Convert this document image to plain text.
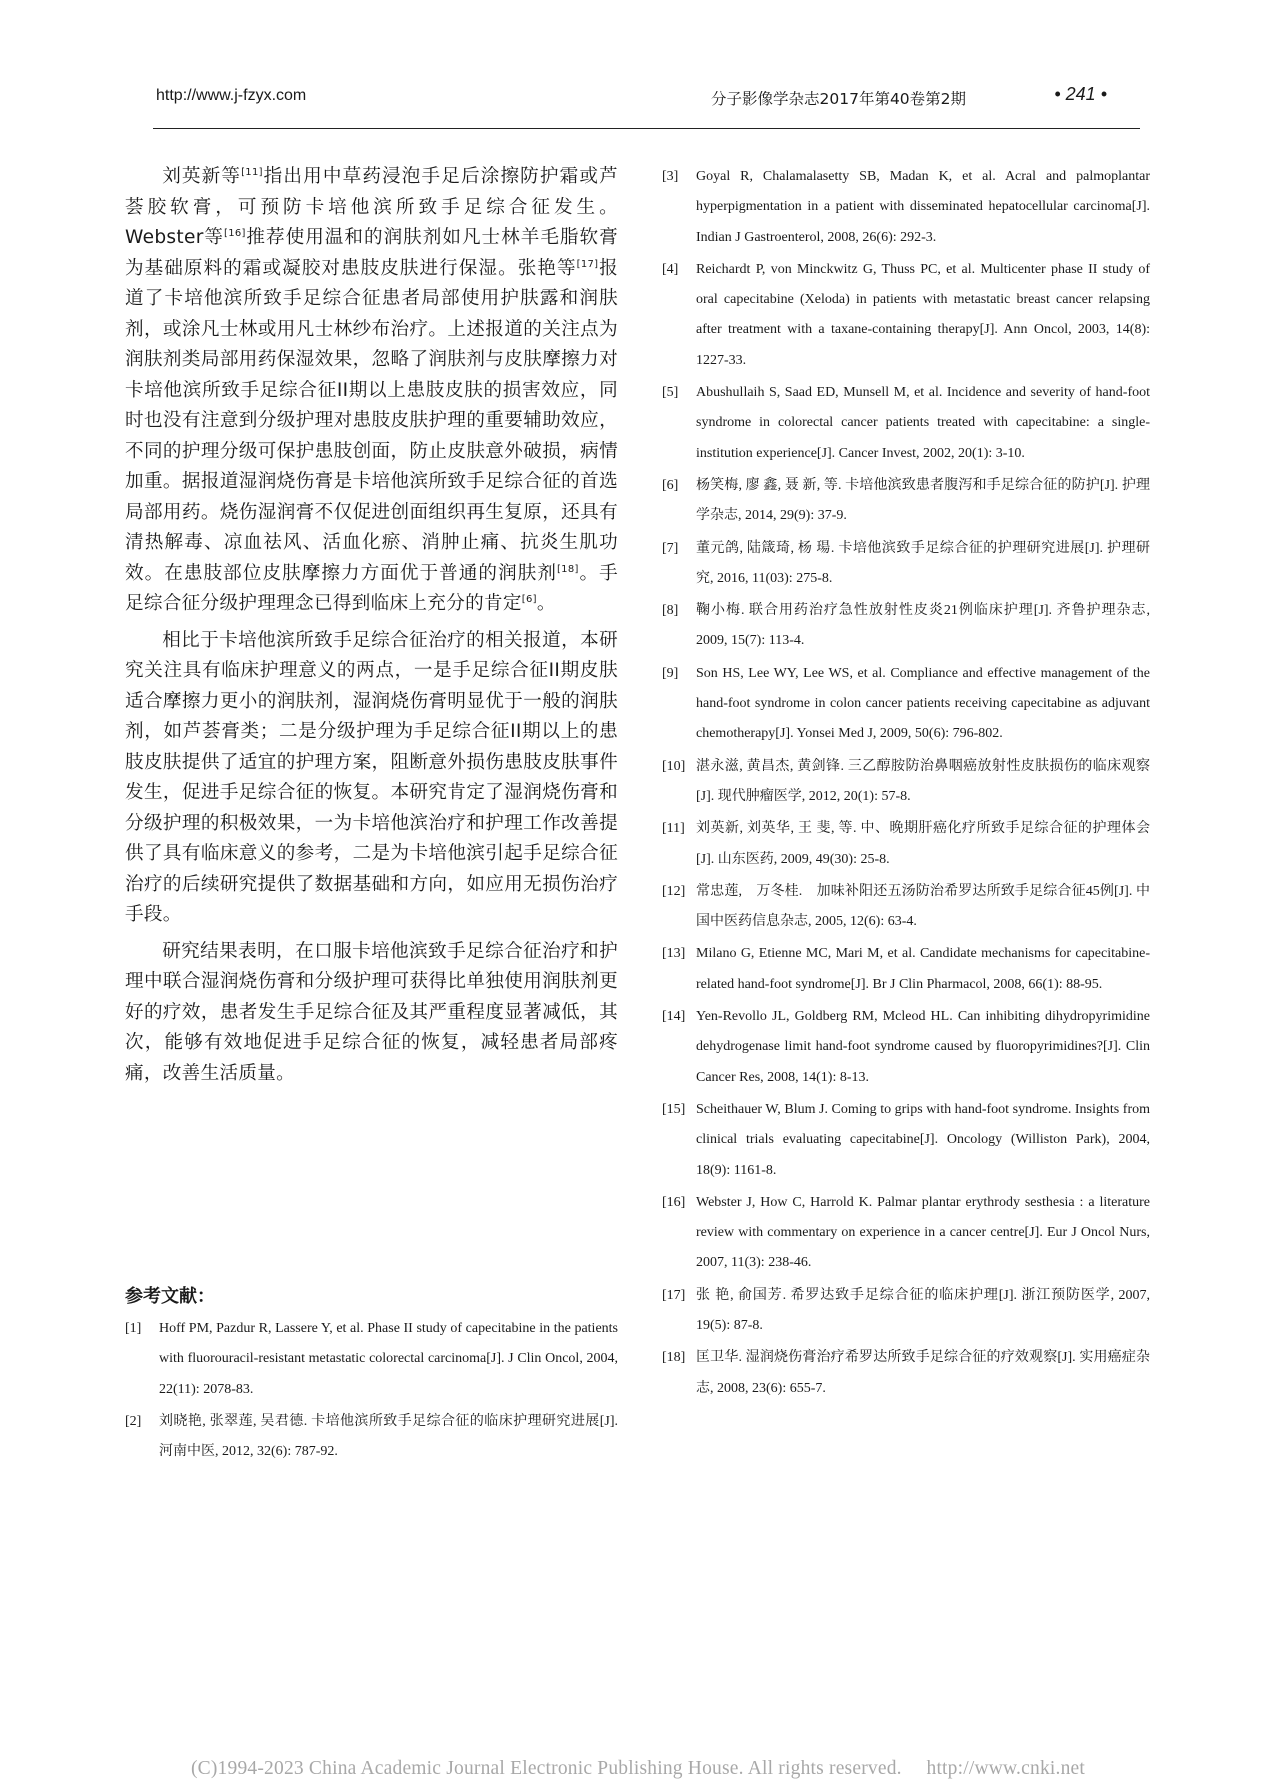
http://www.j-fzyx.com	分子影像学杂志2017年第40卷第2期	• 241 •

刘英新等[11]指出用中草药浸泡手足后涂擦防护霜或芦荟胶软膏，可预防卡培他滨所致手足综合征发生。Webster等[16]推荐使用温和的润肤剂如凡士林羊毛脂软膏为基础原料的霜或凝胶对患肢皮肤进行保湿。张艳等[17]报道了卡培他滨所致手足综合征患者局部使用护肤露和润肤剂，或涂凡士林或用凡士林纱布治疗。上述报道的关注点为润肤剂类局部用药保湿效果，忽略了润肤剂与皮肤摩擦力对卡培他滨所致手足综合征II期以上患肢皮肤的损害效应，同时也没有注意到分级护理对患肢皮肤护理的重要辅助效应，不同的护理分级可保护患肢创面，防止皮肤意外破损，病情加重。据报道湿润烧伤膏是卡培他滨所致手足综合征的首选局部用药。烧伤湿润膏不仅促进创面组织再生复原，还具有清热解毒、凉血祛风、活血化瘀、消肿止痛、抗炎生肌功效。在患肢部位皮肤摩擦力方面优于普通的润肤剂[18]。手足综合征分级护理理念已得到临床上充分的肯定[6]。

相比于卡培他滨所致手足综合征治疗的相关报道，本研究关注具有临床护理意义的两点，一是手足综合征II期皮肤适合摩擦力更小的润肤剂，湿润烧伤膏明显优于一般的润肤剂，如芦荟膏类；二是分级护理为手足综合征II期以上的患肢皮肤提供了适宜的护理方案，阻断意外损伤患肢皮肤事件发生，促进手足综合征的恢复。本研究肯定了湿润烧伤膏和分级护理的积极效果，一为卡培他滨治疗和护理工作改善提供了具有临床意义的参考，二是为卡培他滨引起手足综合征治疗的后续研究提供了数据基础和方向，如应用无损伤治疗手段。

研究结果表明，在口服卡培他滨致手足综合征治疗和护理中联合湿润烧伤膏和分级护理可获得比单独使用润肤剂更好的疗效，患者发生手足综合征及其严重程度显著减低，其次，能够有效地促进手足综合征的恢复，减轻患者局部疼痛，改善生活质量。

参考文献：
[1] Hoff PM, Pazdur R, Lassere Y, et al. Phase II study of capecitabine in the patients with fluorouracil-resistant metastatic colorectal carcinoma[J]. J Clin Oncol, 2004, 22(11): 2078-83.
[2] 刘晓艳, 张翠莲, 吴君德. 卡培他滨所致手足综合征的临床护理研究进展[J]. 河南中医, 2012, 32(6): 787-92.
[3] Goyal R, Chalamalasetty SB, Madan K, et al. Acral and palmoplantar hyperpigmentation in a patient with disseminated hepatocellular carcinoma[J]. Indian J Gastroenterol, 2008, 26(6): 292-3.
[4] Reichardt P, von Minckwitz G, Thuss PC, et al. Multicenter phase II study of oral capecitabine (Xeloda) in patients with metastatic breast cancer relapsing after treatment with a taxane-containing therapy[J]. Ann Oncol, 2003, 14(8): 1227-33.
[5] Abushullaih S, Saad ED, Munsell M, et al. Incidence and severity of hand-foot syndrome in colorectal cancer patients treated with capecitabine: a single-institution experience[J]. Cancer Invest, 2002, 20(1): 3-10.
[6] 杨笑梅, 廖 鑫, 聂 新, 等. 卡培他滨致患者腹泻和手足综合征的防护[J]. 护理学杂志, 2014, 29(9): 37-9.
[7] 董元鸽, 陆箴琦, 杨 瑒. 卡培他滨致手足综合征的护理研究进展[J]. 护理研究, 2016, 11(03): 275-8.
[8] 鞠小梅. 联合用药治疗急性放射性皮炎21例临床护理[J]. 齐鲁护理杂志, 2009, 15(7): 113-4.
[9] Son HS, Lee WY, Lee WS, et al. Compliance and effective management of the hand-foot syndrome in colon cancer patients receiving capecitabine as adjuvant chemotherapy[J]. Yonsei Med J, 2009, 50(6): 796-802.
[10] 湛永滋, 黄昌杰, 黄剑锋. 三乙醇胺防治鼻咽癌放射性皮肤损伤的临床观察[J]. 现代肿瘤医学, 2012, 20(1): 57-8.
[11] 刘英新, 刘英华, 王 斐, 等. 中、晚期肝癌化疗所致手足综合征的护理体会[J]. 山东医药, 2009, 49(30): 25-8.
[12] 常忠莲,　万冬桂.　加味补阳还五汤防治希罗达所致手足综合征45例[J]. 中国中医药信息杂志, 2005, 12(6): 63-4.
[13] Milano G, Etienne MC, Mari M, et al. Candidate mechanisms for capecitabine-related hand-foot syndrome[J]. Br J Clin Pharmacol, 2008, 66(1): 88-95.
[14] Yen-Revollo JL, Goldberg RM, Mcleod HL. Can inhibiting dihydropyrimidine dehydrogenase limit hand-foot syndrome caused by fluoropyrimidines?[J]. Clin Cancer Res, 2008, 14(1): 8-13.
[15] Scheithauer W, Blum J. Coming to grips with hand-foot syndrome. Insights from clinical trials evaluating capecitabine[J]. Oncology (Williston Park), 2004, 18(9): 1161-8.
[16] Webster J, How C, Harrold K. Palmar plantar erythrody sesthesia : a literature review with commentary on experience in a cancer centre[J]. Eur J Oncol Nurs, 2007, 11(3): 238-46.
[17] 张 艳, 俞国芳. 希罗达致手足综合征的临床护理[J]. 浙江预防医学, 2007, 19(5): 87-8.
[18] 匡卫华. 湿润烧伤膏治疗希罗达所致手足综合征的疗效观察[J]. 实用癌症杂志, 2008, 23(6): 655-7.
(C)1994-2023 China Academic Journal Electronic Publishing House. All rights reserved.　 http://www.cnki.net
